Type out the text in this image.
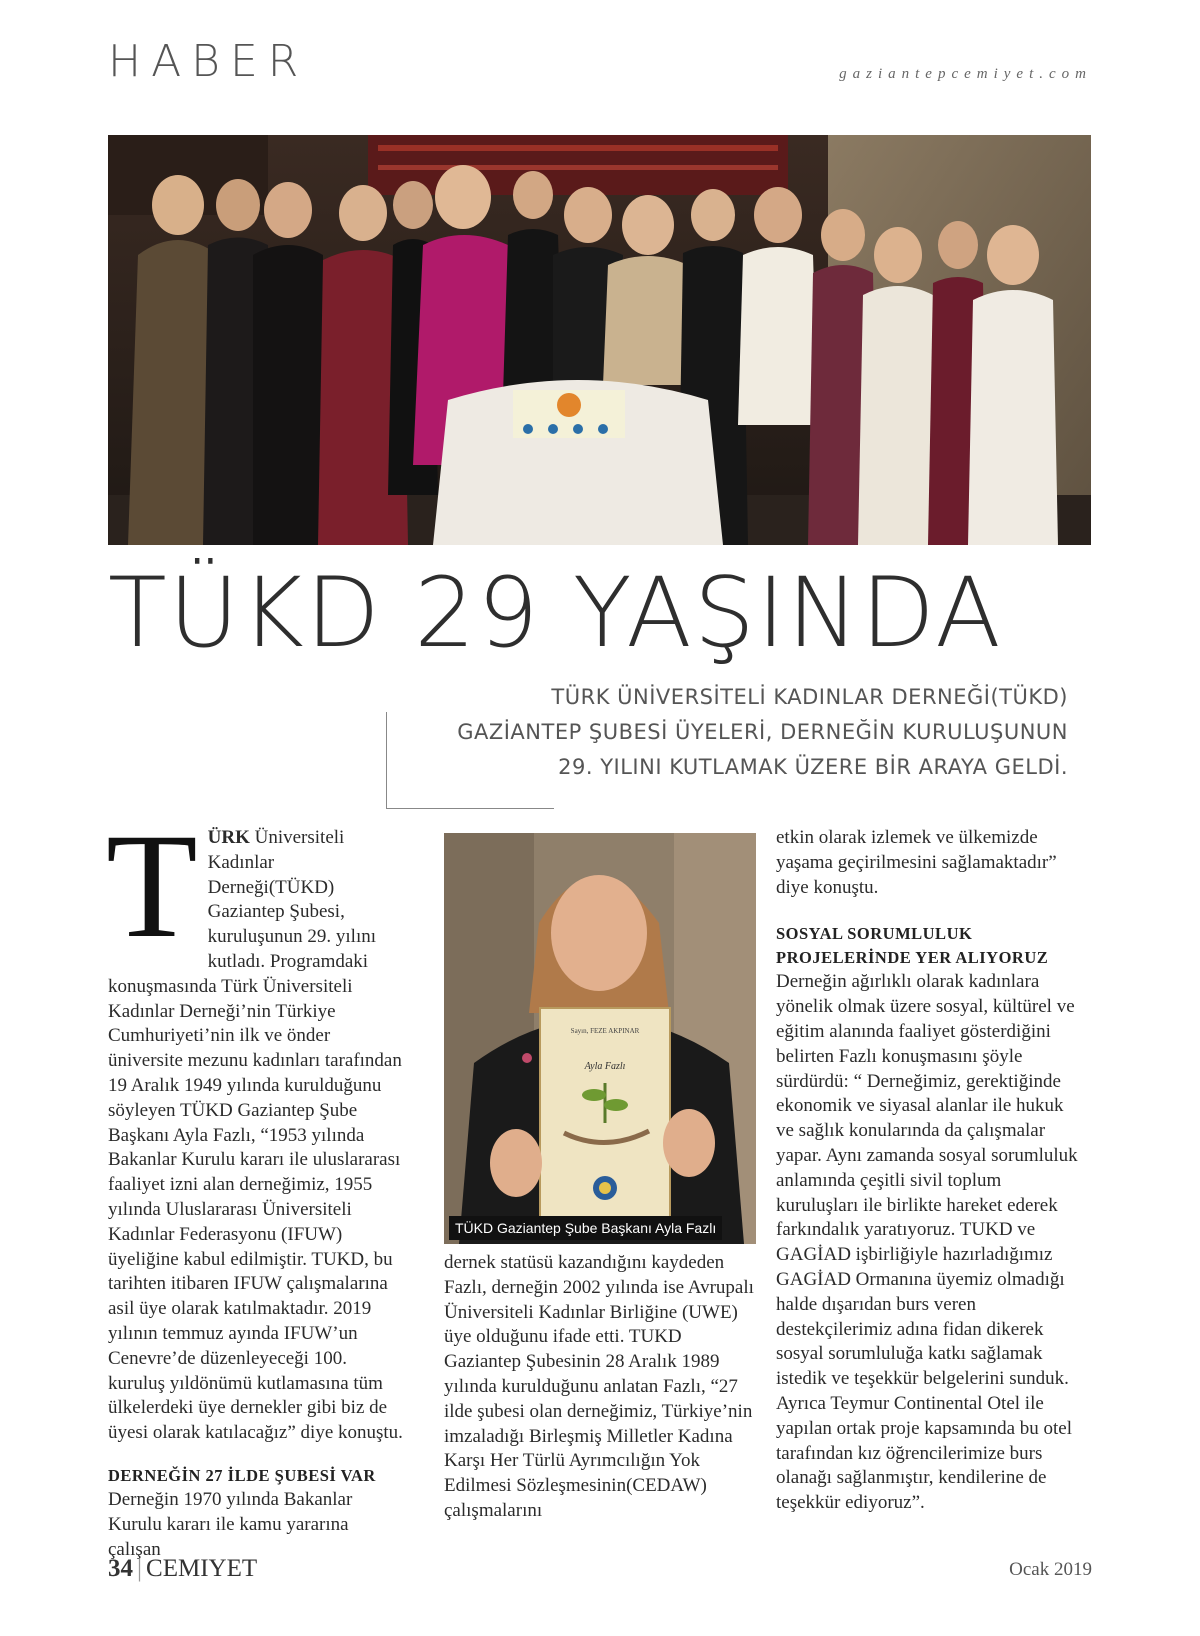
HABER	gaziantepcemiyet.com
TÜKD 29 YAŞINDA
TÜRK ÜNİVERSİTELİ KADINLAR DERNEĞİ(TÜKD)
GAZİANTEP ŞUBESİ ÜYELERİ, DERNEĞİN KURULUŞUNUN
29. YILINI KUTLAMAK ÜZERE BİR ARAYA GELDİ.

TÜRK Üniversiteli Kadınlar Derneği(TÜKD) Gaziantep Şubesi, kuruluşunun 29. yılını kutladı. Programdaki konuşmasında Türk Üniversiteli Kadınlar Derneği’nin Türkiye Cumhuriyeti’nin ilk ve önder üniversite mezunu kadınları tarafından 19 Aralık 1949 yılında kurulduğunu söyleyen TÜKD Gaziantep Şube Başkanı Ayla Fazlı, “1953 yılında Bakanlar Kurulu kararı ile uluslararası faaliyet izni alan derneğimiz, 1955 yılında Uluslararası Üniversiteli Kadınlar Federasyonu (IFUW) üyeliğine kabul edilmiştir. TUKD, bu tarihten itibaren IFUW çalışmalarına asil üye olarak katılmaktadır. 2019 yılının temmuz ayında IFUW’un Cenevre’de düzenleyeceği 100. kuruluş yıldönümü kutlamasına tüm ülkelerdeki üye dernekler gibi biz de üyesi olarak katılacağız” diye konuştu.

DERNEĞİN 27 İLDE ŞUBESİ VAR

Derneğin 1970 yılında Bakanlar Kurulu kararı ile kamu yararına çalışan

Sayın, FEZE AKPINAR
Ayla Fazlı
TÜKD Gaziantep Şube Başkanı Ayla Fazlı

dernek statüsü kazandığını kaydeden Fazlı, derneğin 2002 yılında ise Avrupalı Üniversiteli Kadınlar Birliğine (UWE) üye olduğunu ifade etti. TUKD Gaziantep Şubesinin 28 Aralık 1989 yılında kurulduğunu anlatan Fazlı, “27 ilde şubesi olan derneğimiz, Türkiye’nin imzaladığı Birleşmiş Milletler Kadına Karşı Her Türlü Ayrımcılığın Yok Edilmesi Sözleşmesinin(CEDAW) çalışmalarını

etkin olarak izlemek ve ülkemizde yaşama geçirilmesini sağlamaktadır” diye konuştu.

SOSYAL SORUMLULUK PROJELERİNDE YER ALIYORUZ

Derneğin ağırlıklı olarak kadınlara yönelik olmak üzere sosyal, kültürel ve eğitim alanında faaliyet gösterdiğini belirten Fazlı konuşmasını şöyle sürdürdü: “ Derneğimiz, gerektiğinde ekonomik ve siyasal alanlar ile hukuk ve sağlık konularında da çalışmalar yapar. Aynı zamanda sosyal sorumluluk anlamında çeşitli sivil toplum kuruluşları ile birlikte hareket ederek farkındalık yaratıyoruz. TUKD ve GAGİAD işbirliğiyle hazırladığımız GAGİAD Ormanına üyemiz olmadığı halde dışarıdan burs veren destekçilerimiz adına fidan dikerek sosyal sorumluluğa katkı sağlamak istedik ve teşekkür belgelerini sunduk. Ayrıca Teymur Continental Otel ile yapılan ortak proje kapsamında bu otel tarafından kız öğrencilerimize burs olanağı sağlanmıştır, kendilerine de teşekkür ediyoruz”.

34 | CEMIYET	Ocak 2019
